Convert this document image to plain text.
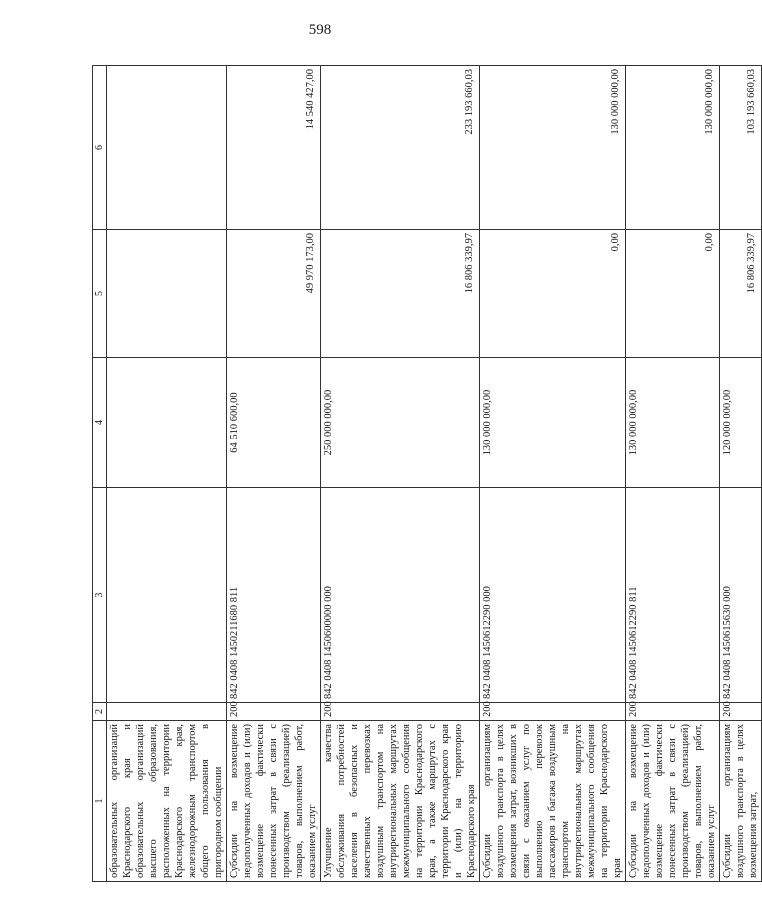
598
1	2	3	4	5	6
образовательных организаций Краснодарского края и образовательных организаций высшего образования, расположенных на территории Краснодарского края, железнодорожным транспортом общего пользования в пригородном сообщении					
Субсидии на возмещение недополученных доходов и (или) возмещение фактически понесенных затрат в связи с производством (реализацией) товаров, выполнением работ, оказанием услуг	200	842 0408 1450211680 811	64 510 600,00	49 970 173,00	14 540 427,00
Улучшение качества обслуживания потребностей населения в безопасных и качественных перевозках воздушным транспортом на внутрирегиональных маршрутах межмуниципального сообщения на территории Краснодарского края, а также маршрутах с территории Краснодарского края и (или) на территорию Краснодарского края	200	842 0408 1450600000 000	250 000 000,00	16 806 339,97	233 193 660,03
Субсидии организациям воздушного транспорта в целях возмещения затрат, возникших в связи с оказанием услуг по выполнению перевозок пассажиров и багажа воздушным транспортом на внутрирегиональных маршрутах межмуниципального сообщения на территории Краснодарского края	200	842 0408 1450612290 000	130 000 000,00	0,00	130 000 000,00
Субсидии на возмещение недополученных доходов и (или) возмещение фактически понесенных затрат в связи с производством (реализацией) товаров, выполнением работ, оказанием услуг	200	842 0408 1450612290 811	130 000 000,00	0,00	130 000 000,00
Субсидии организациям воздушного транспорта в целях возмещения затрат,	200	842 0408 1450615630 000	120 000 000,00	16 806 339,97	103 193 660,03
